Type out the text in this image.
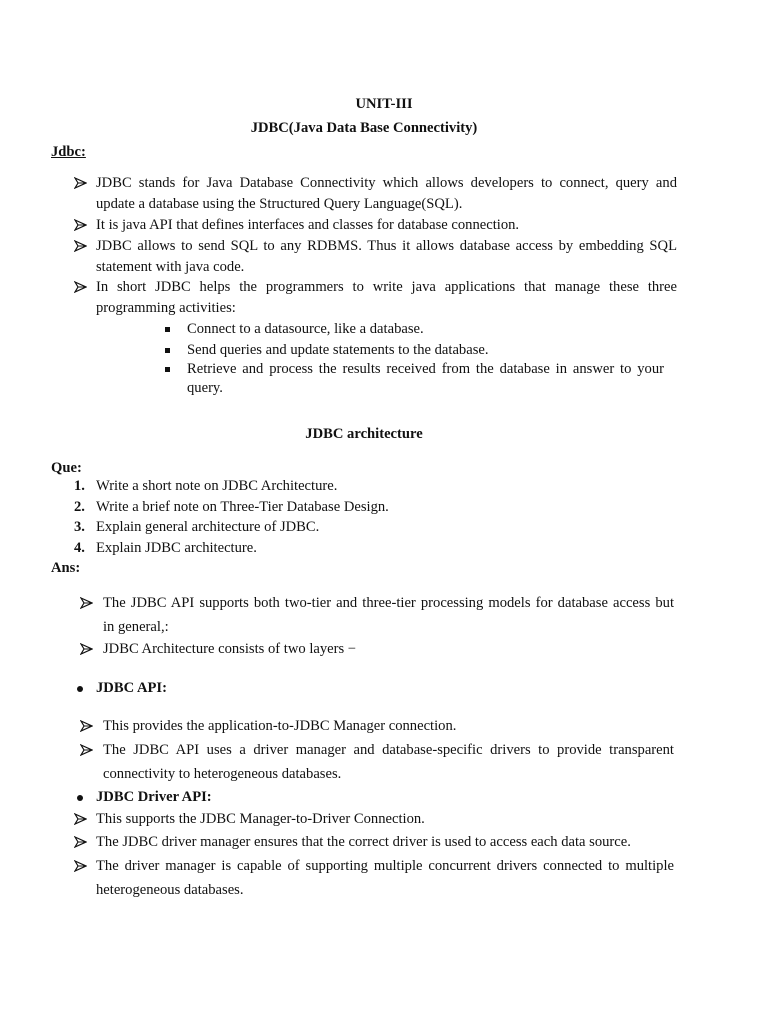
UNIT-III
JDBC(Java Data Base Connectivity)
Jdbc:
JDBC stands for Java Database Connectivity which allows developers to connect, query and
update a database using the Structured Query Language(SQL).
It is java API that defines interfaces and classes for database connection.
JDBC allows to send SQL to any RDBMS. Thus it allows database access by embedding SQL
statement with java code.
In short JDBC helps the programmers to write java applications that manage these three
programming activities:
Connect to a datasource, like a database.
Send queries and update statements to the database.
Retrieve and process the results received from the database in answer to your
query.
JDBC architecture
Que:
1. Write a short note on JDBC Architecture.
2. Write a brief note on Three-Tier Database Design.
3. Explain general architecture of JDBC.
4. Explain JDBC architecture.
Ans:
The JDBC API supports both two-tier and three-tier processing models for database access but
in general,:
JDBC Architecture consists of two layers −
JDBC API:
This provides the application-to-JDBC Manager connection.
The JDBC API uses a driver manager and database-specific drivers to provide transparent
connectivity to heterogeneous databases.
JDBC Driver API:
This supports the JDBC Manager-to-Driver Connection.
The JDBC driver manager ensures that the correct driver is used to access each data source.
The driver manager is capable of supporting multiple concurrent drivers connected to multiple
heterogeneous databases.
